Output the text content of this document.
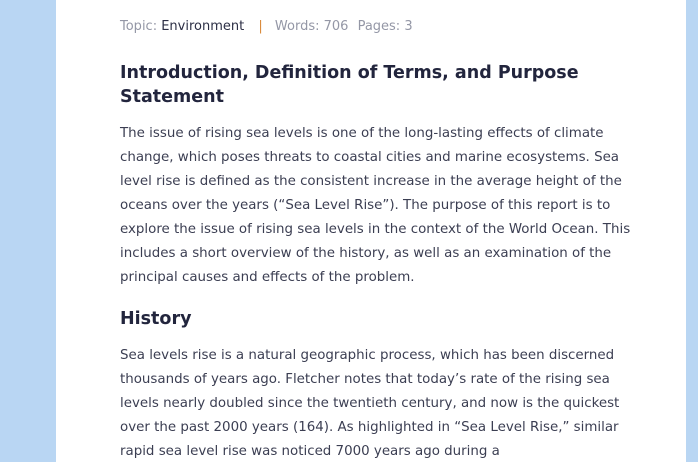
Topic: Environment | Words: 706 Pages: 3
Introduction, Definition of Terms, and Purpose Statement

The issue of rising sea levels is one of the long-lasting effects of climate change, which poses threats to coastal cities and marine ecosystems. Sea level rise is defined as the consistent increase in the average height of the oceans over the years (“Sea Level Rise”). The purpose of this report is to explore the issue of rising sea levels in the context of the World Ocean. This includes a short overview of the history, as well as an examination of the principal causes and effects of the problem.

History

Sea levels rise is a natural geographic process, which has been discerned thousands of years ago. Fletcher notes that today’s rate of the rising sea levels nearly doubled since the twentieth century, and now is the quickest over the past 2000 years (164). As highlighted in “Sea Level Rise,” similar rapid sea level rise was noticed 7000 years ago during a
